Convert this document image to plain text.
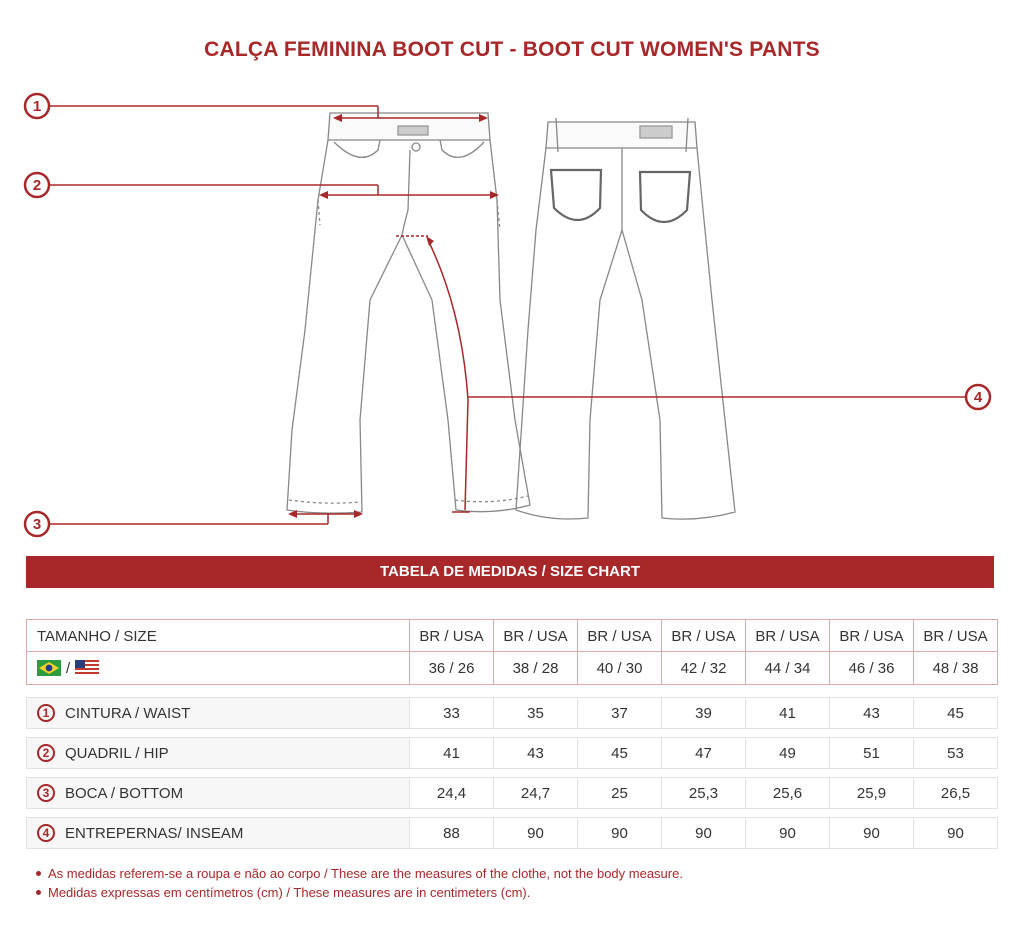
CALÇA FEMININA BOOT CUT - BOOT CUT WOMEN'S PANTS
1
2
3
4
TABELA DE MEDIDAS / SIZE CHART
TAMANHO / SIZE	BR / USA	BR / USA	BR / USA	BR / USA	BR / USA	BR / USA	BR / USA
/	36 / 26	38 / 28	40 / 30	42 / 32	44 / 34	46 / 36	48 / 38
1	CINTURA / WAIST	33	35	37	39	41	43	45
2	QUADRIL / HIP	41	43	45	47	49	51	53
3	BOCA / BOTTOM	24,4	24,7	25	25,3	25,6	25,9	26,5
4	ENTREPERNAS/ INSEAM	88	90	90	90	90	90	90
As medidas referem-se a roupa e não ao corpo / These are the measures of the clothe, not the body measure.
Medidas expressas em centímetros (cm) / These measures are in centimeters (cm).
